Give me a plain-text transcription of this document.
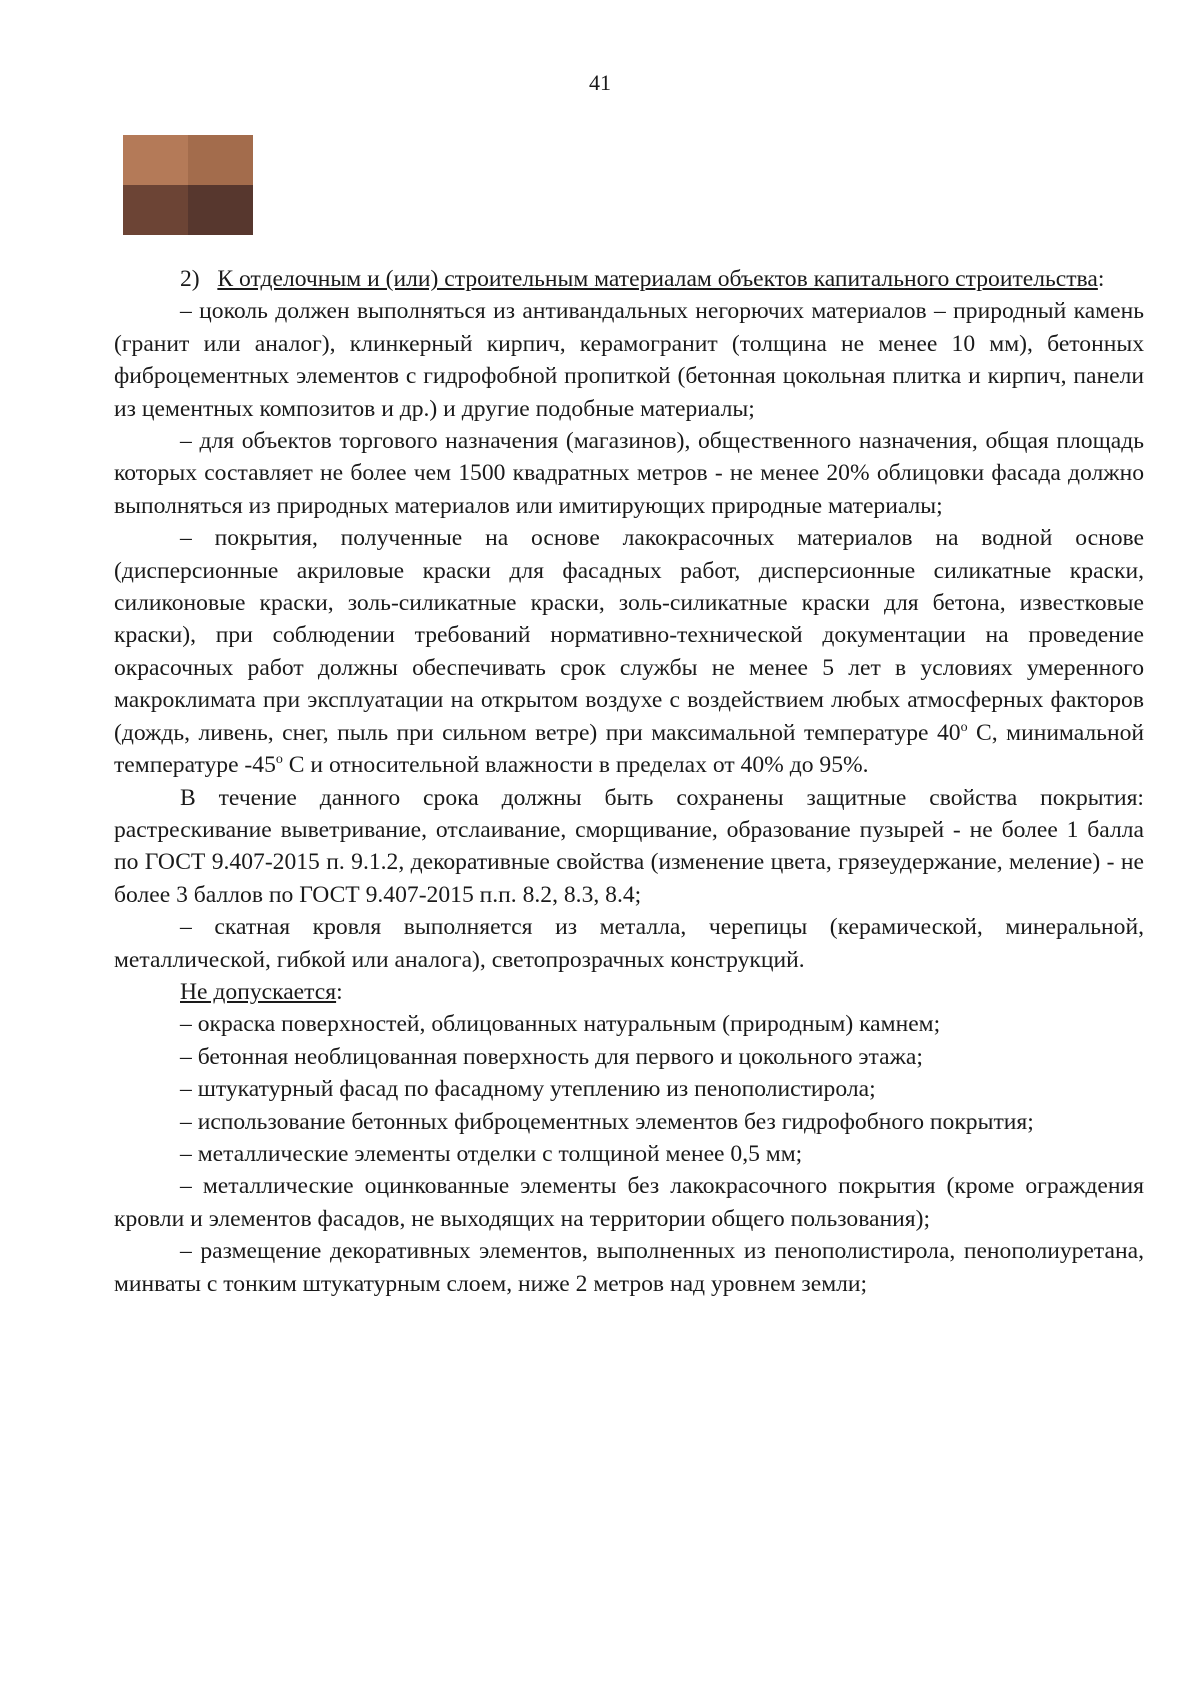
41

2) К отделочным и (или) строительным материалам объектов капитального строительства:

– цоколь должен выполняться из антивандальных негорючих материалов – природный камень (гранит или аналог), клинкерный кирпич, керамогранит (толщина не менее 10 мм), бетонных фиброцементных элементов с гидрофобной пропиткой (бетонная цокольная плитка и кирпич, панели из цементных композитов и др.) и другие подобные материалы;

– для объектов торгового назначения (магазинов), общественного назначения, общая площадь которых составляет не более чем 1500 квадратных метров - не менее 20% облицовки фасада должно выполняться из природных материалов или имитирующих природные материалы;

– покрытия, полученные на основе лакокрасочных материалов на водной основе (дисперсионные акриловые краски для фасадных работ, дисперсионные силикатные краски, силиконовые краски, золь-силикатные краски, золь-силикатные краски для бетона, известковые краски), при соблюдении требований нормативно-технической документации на проведение окрасочных работ должны обеспечивать срок службы не менее 5 лет в условиях умеренного макроклимата при эксплуатации на открытом воздухе с воздействием любых атмосферных факторов (дождь, ливень, снег, пыль при сильном ветре) при максимальной температуре 40$^o$ С, минимальной температуре -45$^o$ С и относительной влажности в пределах от 40% до 95%.

В течение данного срока должны быть сохранены защитные свойства покрытия: растрескивание выветривание, отслаивание, сморщивание, образование пузырей - не более 1 балла по ГОСТ 9.407-2015 п. 9.1.2, декоративные свойства (изменение цвета, грязеудержание, меление) - не более 3 баллов по ГОСТ 9.407-2015 п.п. 8.2, 8.3, 8.4;

– скатная кровля выполняется из металла, черепицы (керамической, минеральной, металлической, гибкой или аналога), светопрозрачных конструкций.

Не допускается:

– окраска поверхностей, облицованных натуральным (природным) камнем;

– бетонная необлицованная поверхность для первого и цокольного этажа;

– штукатурный фасад по фасадному утеплению из пенополистирола;

– использование бетонных фиброцементных элементов без гидрофобного покрытия;

– металлические элементы отделки с толщиной менее 0,5 мм;

– металлические оцинкованные элементы без лакокрасочного покрытия (кроме ограждения кровли и элементов фасадов, не выходящих на территории общего пользования);

– размещение декоративных элементов, выполненных из пенополистирола, пенополиуретана, минваты с тонким штукатурным слоем, ниже 2 метров над уровнем земли;
